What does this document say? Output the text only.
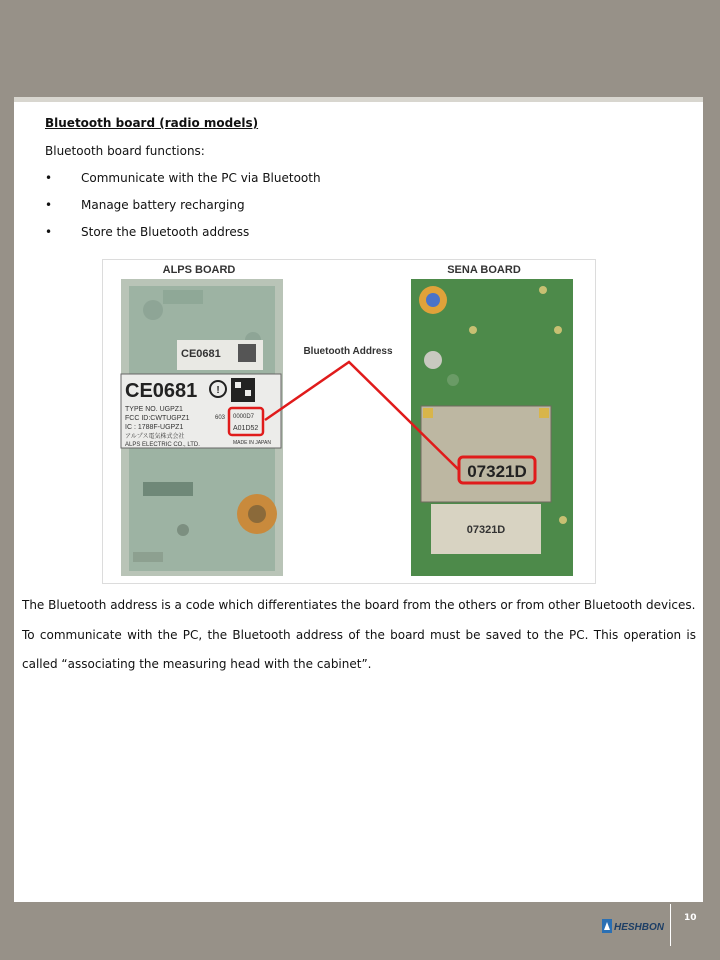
Bluetooth board (radio models)
Bluetooth board functions:
• Communicate with the PC via Bluetooth
• Manage battery recharging
• Store the Bluetooth address
ALPS BOARD	SENA BOARD
CE0681
CE0681 !
TYPE NO. UGPZ1
FCC ID:CWTUGPZ1
IC : 1788F-UGPZ1
アルプス電気株式会社
ALPS ELECTRIC CO., LTD.
603 0000D7
A01D52
MADE IN JAPAN
07321D
07321D
Bluetooth Address
The Bluetooth address is a code which differentiates the board from the others or from other Bluetooth devices.
To communicate with the PC, the Bluetooth address of the board must be saved to the PC. This operation is called “associating the measuring head with the cabinet”.
HESHBON
10
